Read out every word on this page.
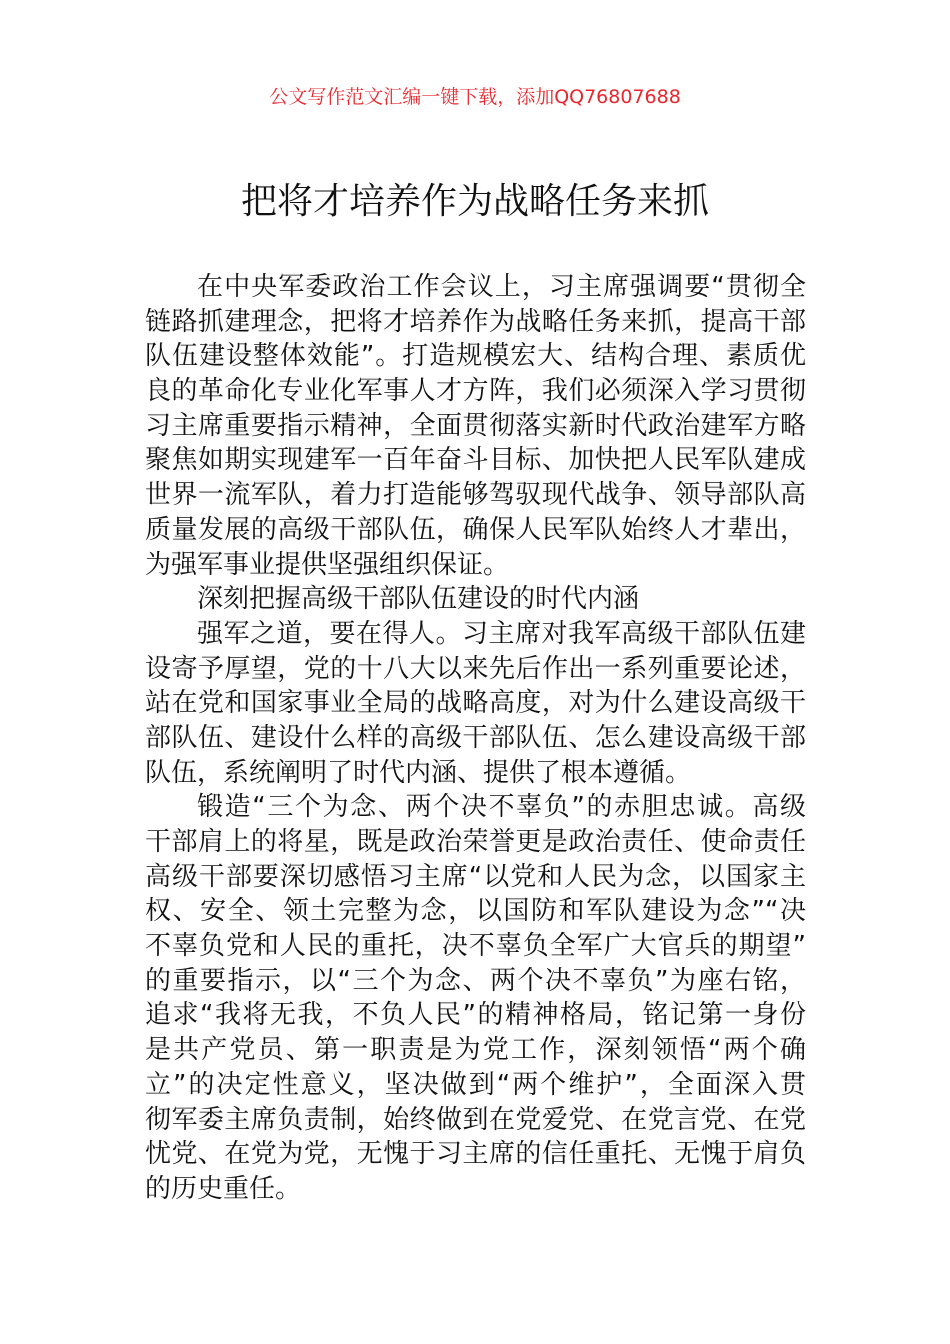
公文写作范文汇编一键下载，添加QQ76807688
把将才培养作为战略任务来抓
在中央军委政治工作会议上，习主席强调要“贯彻全
链路抓建理念，把将才培养作为战略任务来抓，提高干部
队伍建设整体效能”。打造规模宏大、结构合理、素质优
良的革命化专业化军事人才方阵，我们必须深入学习贯彻
习主席重要指示精神，全面贯彻落实新时代政治建军方略
聚焦如期实现建军一百年奋斗目标、加快把人民军队建成
世界一流军队，着力打造能够驾驭现代战争、领导部队高
质量发展的高级干部队伍，确保人民军队始终人才辈出，
为强军事业提供坚强组织保证。
深刻把握高级干部队伍建设的时代内涵
强军之道，要在得人。习主席对我军高级干部队伍建
设寄予厚望，党的十八大以来先后作出一系列重要论述，
站在党和国家事业全局的战略高度，对为什么建设高级干
部队伍、建设什么样的高级干部队伍、怎么建设高级干部
队伍，系统阐明了时代内涵、提供了根本遵循。
锻造“三个为念、两个决不辜负”的赤胆忠诚。高级
干部肩上的将星，既是政治荣誉更是政治责任、使命责任
高级干部要深切感悟习主席“以党和人民为念，以国家主
权、安全、领土完整为念，以国防和军队建设为念”“决
不辜负党和人民的重托，决不辜负全军广大官兵的期望”
的重要指示，以“三个为念、两个决不辜负”为座右铭，
追求“我将无我，不负人民”的精神格局，铭记第一身份
是共产党员、第一职责是为党工作，深刻领悟“两个确
立”的决定性意义，坚决做到“两个维护”，全面深入贯
彻军委主席负责制，始终做到在党爱党、在党言党、在党
忧党、在党为党，无愧于习主席的信任重托、无愧于肩负
的历史重任。
